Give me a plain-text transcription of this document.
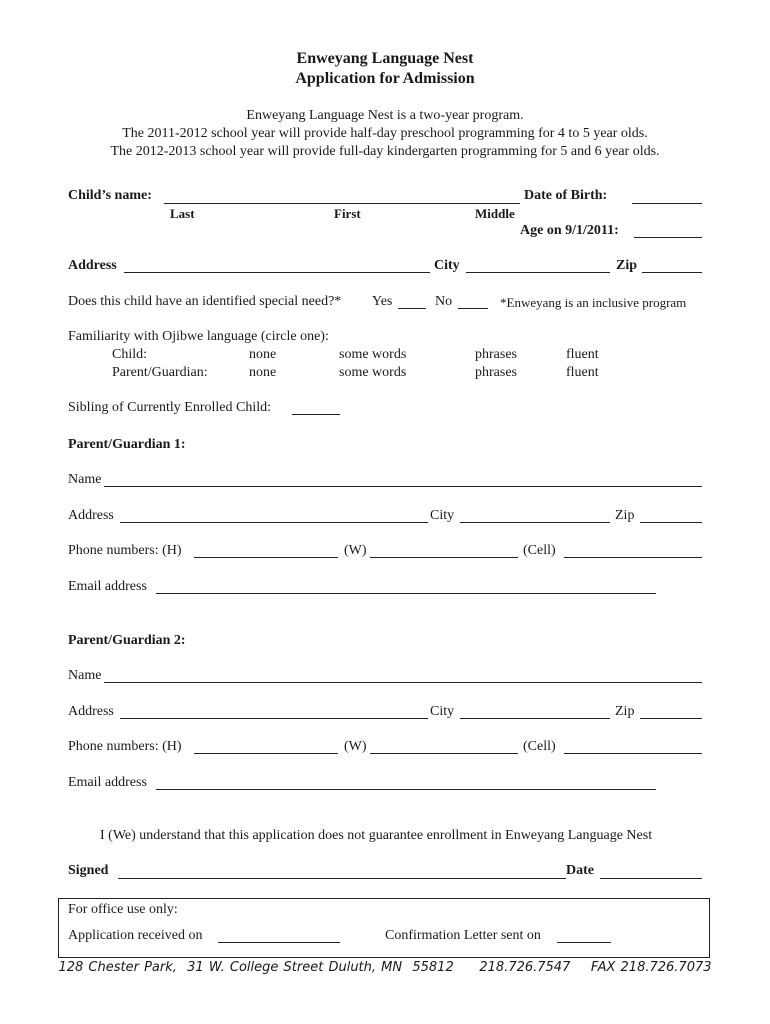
Enweyang Language Nest
Application for Admission
Enweyang Language Nest is a two-year program.
The 2011-2012 school year will provide half-day preschool programming for 4 to 5 year olds.
The 2012-2013 school year will provide full-day kindergarten programming for 5 and 6 year olds.
Child’s name:	Date of Birth:
Last	First	Middle
Age on 9/1/2011:
Address	City	Zip
Does this child have an identified special need?* Yes	No	*Enweyang is an inclusive program
Familiarity with Ojibwe language (circle one):
Child:	none	some words	phrases	fluent
Parent/Guardian:	none	some words	phrases	fluent
Sibling of Currently Enrolled Child:
Parent/Guardian 1:
Name
Address	City	Zip
Phone numbers: (H)	(W)	(Cell)
Email address
Parent/Guardian 2:
Name
Address	City	Zip
Phone numbers: (H)	(W)	(Cell)
Email address
I (We) understand that this application does not guarantee enrollment in Enweyang Language Nest
Signed	Date
For office use only:
Application received on	Confirmation Letter sent on
128 Chester Park,  31 W. College Street Duluth, MN  55812     218.726.7547    FAX 218.726.7073
